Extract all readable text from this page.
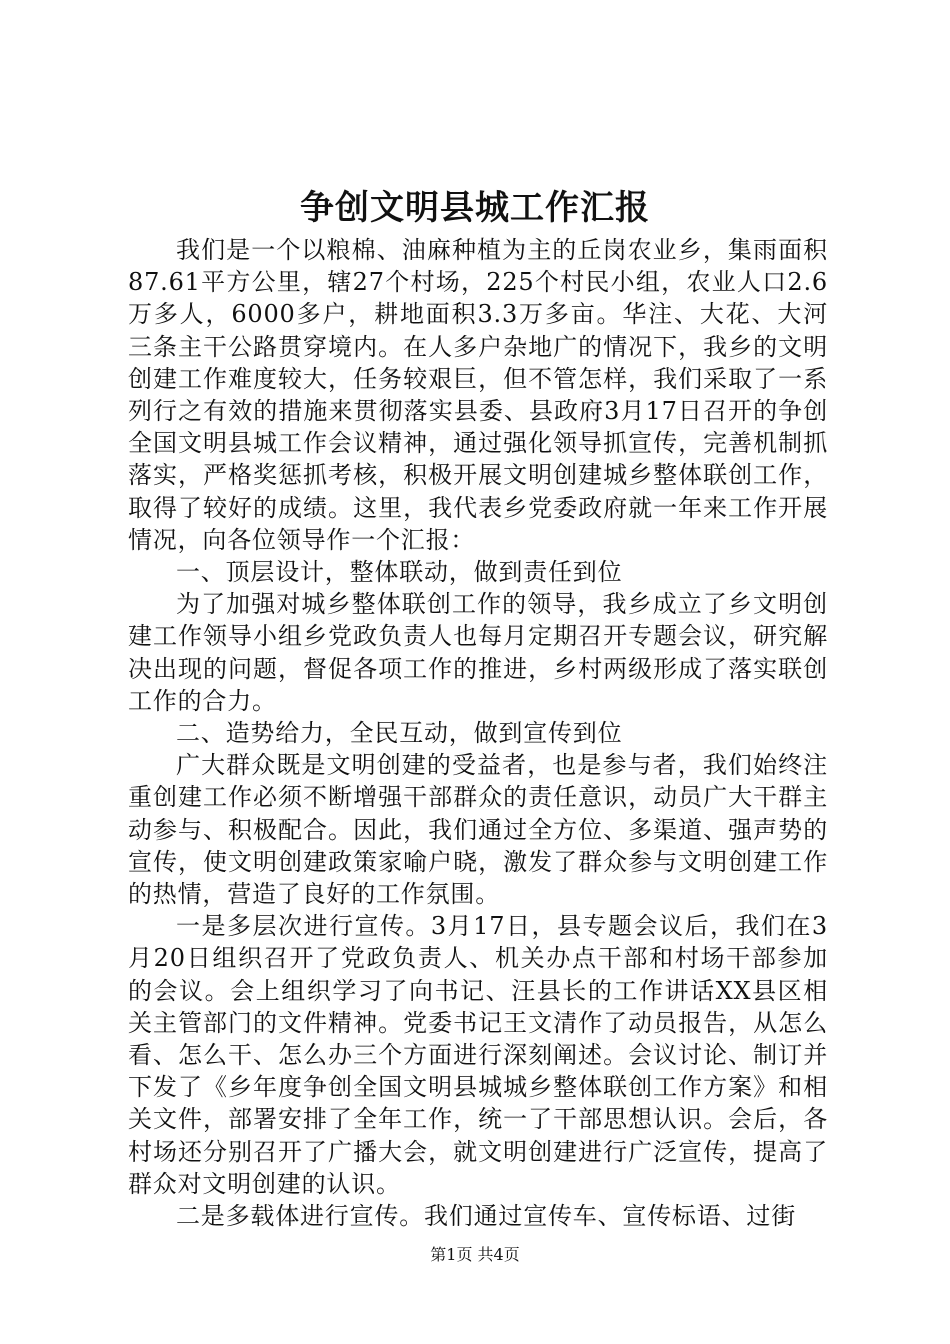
争创文明县城工作汇报

我们是一个以粮棉、油麻种植为主的丘岗农业乡，集雨面积87.61平方公里，辖27个村场，225个村民小组，农业人口2.6万多人，6000多户，耕地面积3.3万多亩。华注、大花、大河三条主干公路贯穿境内。在人多户杂地广的情况下，我乡的文明创建工作难度较大，任务较艰巨，但不管怎样，我们采取了一系列行之有效的措施来贯彻落实县委、县政府3月17日召开的争创全国文明县城工作会议精神，通过强化领导抓宣传，完善机制抓落实，严格奖惩抓考核，积极开展文明创建城乡整体联创工作，取得了较好的成绩。这里，我代表乡党委政府就一年来工作开展情况，向各位领导作一个汇报：

一、顶层设计，整体联动，做到责任到位

为了加强对城乡整体联创工作的领导，我乡成立了乡文明创建工作领导小组乡党政负责人也每月定期召开专题会议，研究解决出现的问题，督促各项工作的推进，乡村两级形成了落实联创工作的合力。

二、造势给力，全民互动，做到宣传到位

广大群众既是文明创建的受益者，也是参与者，我们始终注重创建工作必须不断增强干部群众的责任意识，动员广大干群主动参与、积极配合。因此，我们通过全方位、多渠道、强声势的宣传，使文明创建政策家喻户晓，激发了群众参与文明创建工作的热情，营造了良好的工作氛围。

一是多层次进行宣传。3月17日，县专题会议后，我们在3月20日组织召开了党政负责人、机关办点干部和村场干部参加的会议。会上组织学习了向书记、汪县长的工作讲话XX县区相关主管部门的文件精神。党委书记王文清作了动员报告，从怎么看、怎么干、怎么办三个方面进行深刻阐述。会议讨论、制订并下发了《乡年度争创全国文明县城城乡整体联创工作方案》和相关文件，部署安排了全年工作，统一了干部思想认识。会后，各村场还分别召开了广播大会，就文明创建进行广泛宣传，提高了群众对文明创建的认识。

二是多载体进行宣传。我们通过宣传车、宣传标语、过街

第1页 共4页
